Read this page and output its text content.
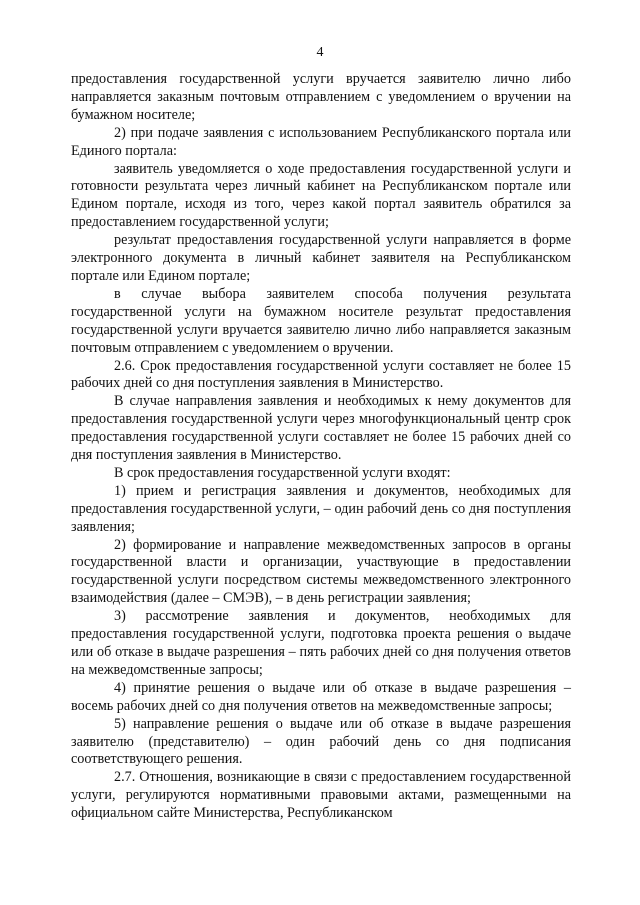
4

предоставления государственной услуги вручается заявителю лично либо направляется заказным почтовым отправлением с уведомлением о вручении на бумажном носителе;

2) при подаче заявления с использованием Республиканского портала или Единого портала:

заявитель уведомляется о ходе предоставления государственной услуги и готовности результата через личный кабинет на Республиканском портале или Едином портале, исходя из того, через какой портал заявитель обратился за предоставлением государственной услуги;

результат предоставления государственной услуги направляется в форме электронного документа в личный кабинет заявителя на Республиканском портале или Едином портале;

в случае выбора заявителем способа получения результата государственной услуги на бумажном носителе результат предоставления государственной услуги вручается заявителю лично либо направляется заказным почтовым отправлением с уведомлением о вручении.

2.6. Срок предоставления государственной услуги составляет не более 15 рабочих дней со дня поступления заявления в Министерство.

В случае направления заявления и необходимых к нему документов для предоставления государственной услуги через многофункциональный центр срок предоставления государственной услуги составляет не более 15 рабочих дней со дня поступления заявления в Министерство.

В срок предоставления государственной услуги входят:

1) прием и регистрация заявления и документов, необходимых для предоставления государственной услуги, – один рабочий день со дня поступления заявления;

2) формирование и направление межведомственных запросов в органы государственной власти и организации, участвующие в предоставлении государственной услуги посредством системы межведомственного электронного взаимодействия (далее – СМЭВ), – в день регистрации заявления;

3) рассмотрение заявления и документов, необходимых для предоставления государственной услуги, подготовка проекта решения о выдаче или об отказе в выдаче разрешения – пять рабочих дней со дня получения ответов на межведомственные запросы;

4) принятие решения о выдаче или об отказе в выдаче разрешения – восемь рабочих дней со дня получения ответов на межведомственные запросы;

5) направление решения о выдаче или об отказе в выдаче разрешения заявителю (представителю) – один рабочий день со дня подписания соответствующего решения.

2.7. Отношения, возникающие в связи с предоставлением государственной услуги, регулируются нормативными правовыми актами, размещенными на официальном сайте Министерства, Республиканском
